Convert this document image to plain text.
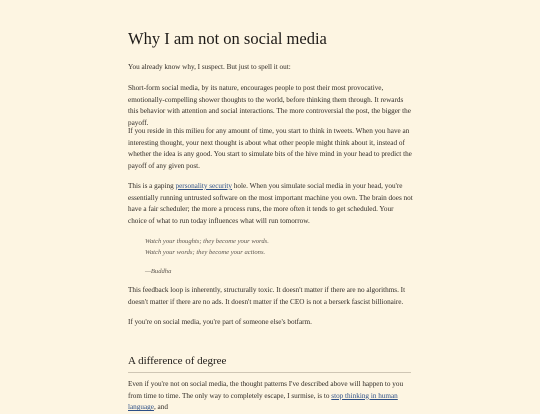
Why I am not on social media

You already know why, I suspect. But just to spell it out:

Short-form social media, by its nature, encourages people to post their most provocative, emotionally-compelling shower thoughts to the world, before thinking them through. It rewards this behavior with attention and social interactions. The more controversial the post, the bigger the payoff.

If you reside in this milieu for any amount of time, you start to think in tweets. When you have an interesting thought, your next thought is about what other people might think about it, instead of whether the idea is any good. You start to simulate bits of the hive mind in your head to predict the payoff of any given post.

This is a gaping personality security hole. When you simulate social media in your head, you're essentially running untrusted software on the most important machine you own. The brain does not have a fair scheduler; the more a process runs, the more often it tends to get scheduled. Your choice of what to run today influences what will run tomorrow.

Watch your thoughts; they become your words.

Watch your words; they become your actions.

—Buddha

This feedback loop is inherently, structurally toxic. It doesn't matter if there are no algorithms. It doesn't matter if there are no ads. It doesn't matter if the CEO is not a berserk fascist billionaire.

If you're on social media, you're part of someone else's botfarm.

A difference of degree

Even if you're not on social media, the thought patterns I've described above will happen to you from time to time. The only way to completely escape, I surmise, is to stop thinking in human language, and
